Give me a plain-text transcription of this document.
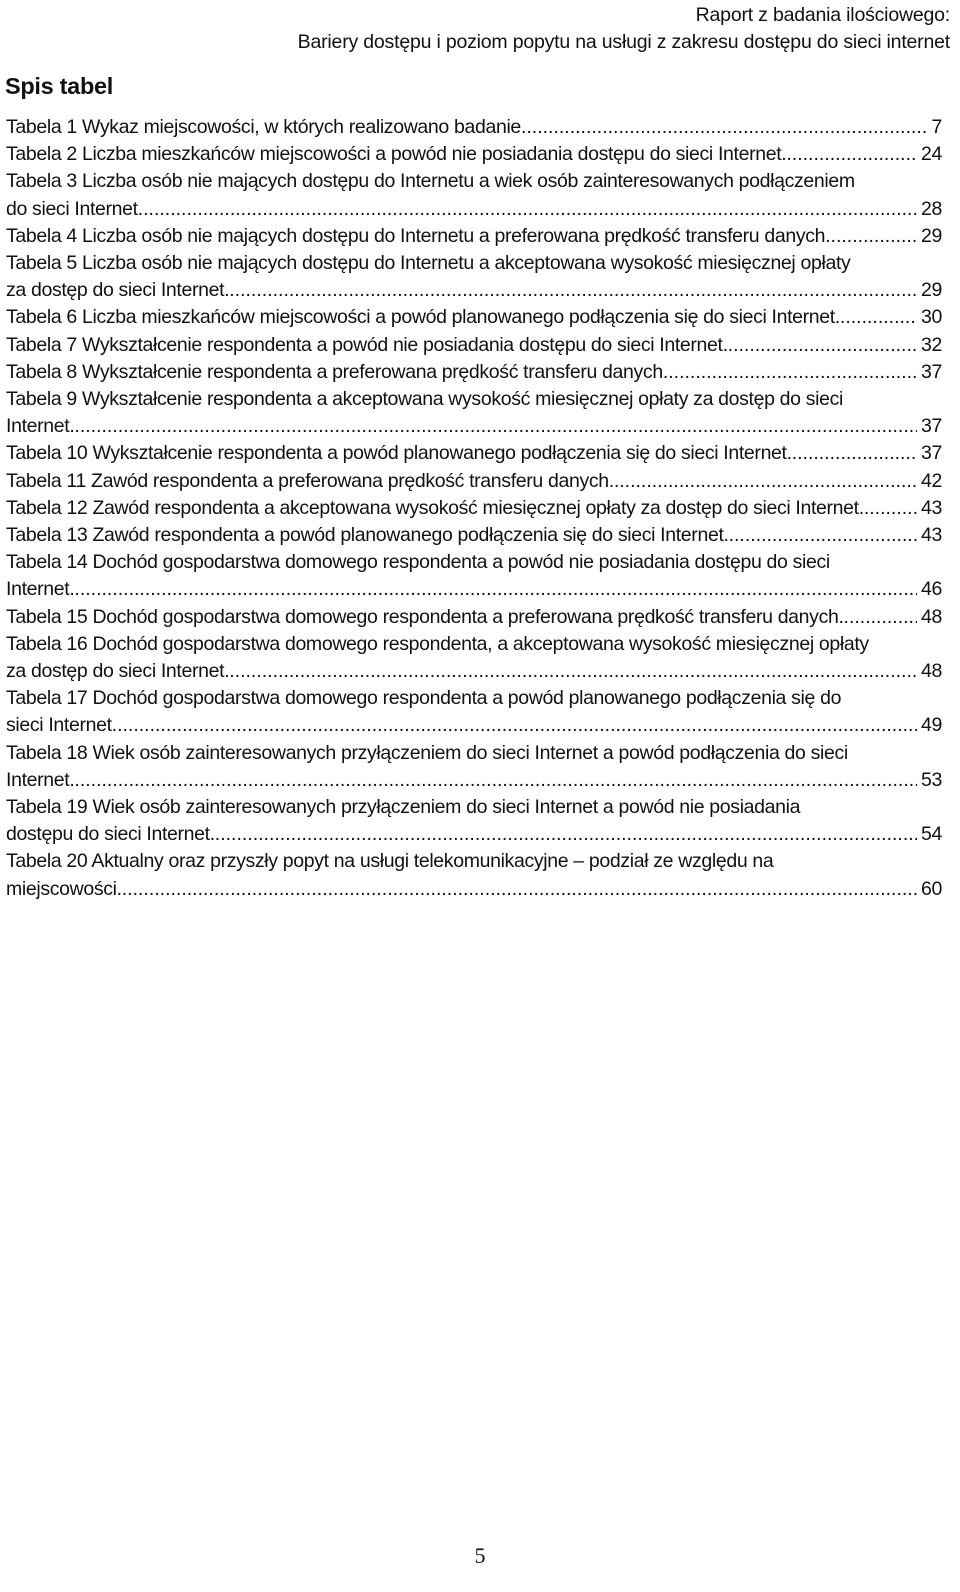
Raport z badania ilościowego:
Bariery dostępu i poziom popytu na usługi z zakresu dostępu do sieci internet
Spis tabel
Tabela 1 Wykaz miejscowości, w których realizowano badanie .....	7
Tabela 2 Liczba mieszkańców miejscowości a powód nie posiadania dostępu do sieci Internet. .....	24
Tabela 3 Liczba osób nie mających dostępu do Internetu a wiek osób zainteresowanych podłączeniem
do sieci Internet .....	28
Tabela 4 Liczba osób nie mających dostępu do Internetu a preferowana prędkość transferu danych .....	29
Tabela 5 Liczba osób nie mających dostępu do Internetu a akceptowana wysokość miesięcznej opłaty
za dostęp do sieci Internet. .....	29
Tabela 6 Liczba mieszkańców miejscowości a powód planowanego podłączenia się do sieci Internet. .....	30
Tabela 7 Wykształcenie respondenta a powód nie posiadania dostępu do sieci Internet. .....	32
Tabela 8 Wykształcenie respondenta a preferowana prędkość transferu danych .....	37
Tabela 9 Wykształcenie respondenta a akceptowana wysokość miesięcznej opłaty za dostęp do sieci
Internet. .....	37
Tabela 10 Wykształcenie respondenta a powód planowanego podłączenia się do sieci Internet. .....	37
Tabela 11 Zawód respondenta a preferowana prędkość transferu danych. .....	42
Tabela 12 Zawód respondenta a akceptowana wysokość miesięcznej opłaty za dostęp do sieci Internet. .....	43
Tabela 13 Zawód respondenta a powód planowanego podłączenia się do sieci Internet. .....	43
Tabela 14 Dochód gospodarstwa domowego respondenta a powód nie posiadania dostępu do sieci
Internet. .....	46
Tabela 15 Dochód gospodarstwa domowego respondenta a preferowana prędkość transferu danych. .....	48
Tabela 16 Dochód gospodarstwa domowego respondenta, a akceptowana wysokość miesięcznej opłaty
za dostęp do sieci Internet. .....	48
Tabela 17 Dochód gospodarstwa domowego respondenta a powód planowanego podłączenia się do
sieci Internet .....	49
Tabela 18 Wiek osób zainteresowanych przyłączeniem do sieci Internet a powód podłączenia do sieci
Internet. .....	53
Tabela 19 Wiek osób zainteresowanych przyłączeniem do sieci Internet a powód nie posiadania
dostępu do sieci Internet. .....	54
Tabela 20 Aktualny oraz przyszły popyt na usługi telekomunikacyjne – podział ze względu na
miejscowości. .....	60
5
